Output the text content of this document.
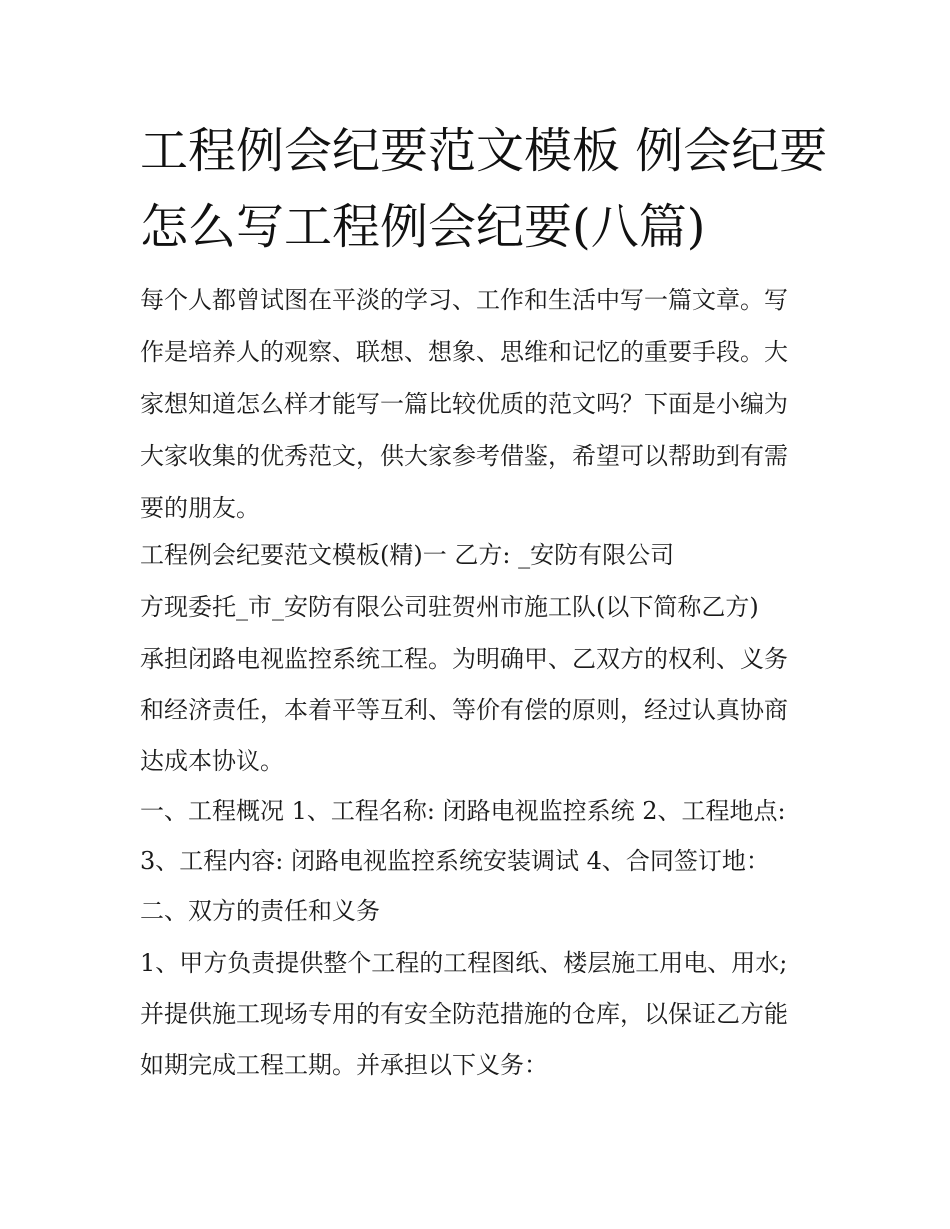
工程例会纪要范文模板 例会纪要怎么写工程例会纪要(八篇)
每个人都曾试图在平淡的学习、工作和生活中写一篇文章。写
作是培养人的观察、联想、想象、思维和记忆的重要手段。大
家想知道怎么样才能写一篇比较优质的范文吗？下面是小编为
大家收集的优秀范文，供大家参考借鉴，希望可以帮助到有需
要的朋友。
工程例会纪要范文模板(精)一 乙方: _安防有限公司
方现委托_市_安防有限公司驻贺州市施工队(以下简称乙方)
承担闭路电视监控系统工程。为明确甲、乙双方的权利、义务
和经济责任，本着平等互利、等价有偿的原则，经过认真协商
达成本协议。
一、工程概况 1、工程名称: 闭路电视监控系统 2、工程地点:
3、工程内容: 闭路电视监控系统安装调试 4、合同签订地：
二、双方的责任和义务
1、甲方负责提供整个工程的工程图纸、楼层施工用电、用水;
并提供施工现场专用的有安全防范措施的仓库，以保证乙方能
如期完成工程工期。并承担以下义务：
